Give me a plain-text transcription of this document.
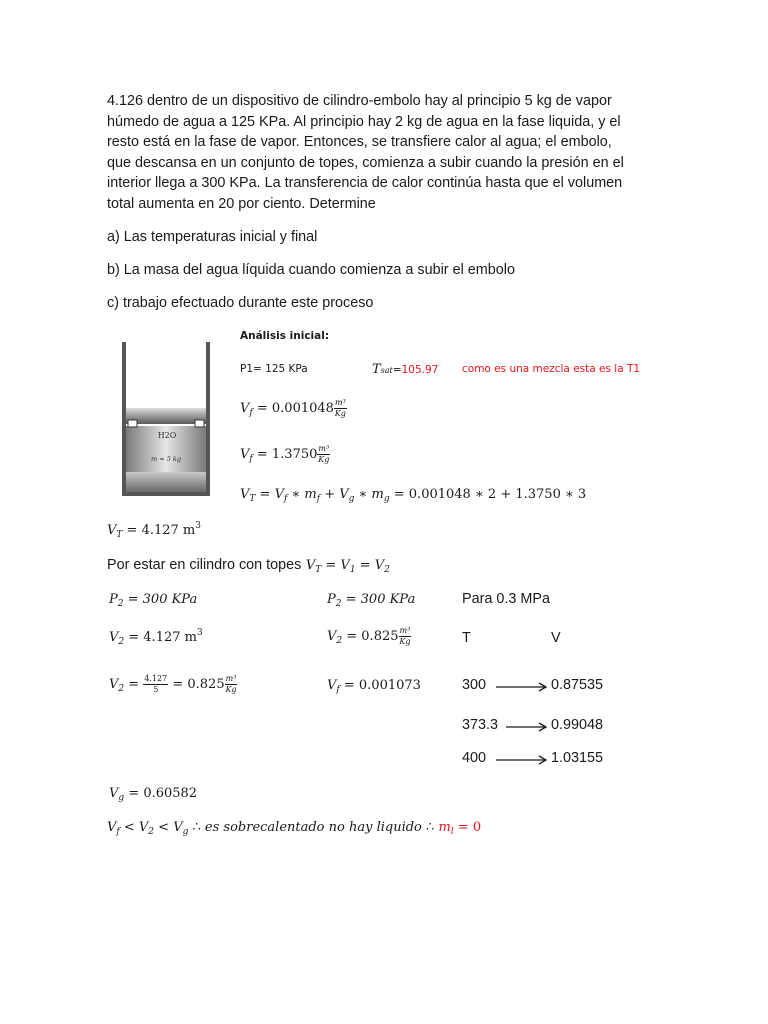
4.126 dentro de un dispositivo de cilindro-embolo hay al principio 5 kg de vapor
húmedo de agua a 125 KPa. Al principio hay 2 kg de agua en la fase liquida, y el
resto está en la fase de vapor. Entonces, se transfiere calor al agua; el embolo,
que descansa en un conjunto de topes, comienza a subir cuando la presión en el
interior llega a 300 KPa. La transferencia de calor continúa hasta que el volumen
total aumenta en 20 por ciento. Determine
a) Las temperaturas inicial y final
b) La masa del agua líquida cuando comienza a subir el embolo
c) trabajo efectuado durante este proceso
H2O
m = 5 kg
Análisis inicial:
P1= 125 KPa	Tsat=105.97 como es una mezcla esta es la T1
$V_f = 0.001048 \frac{\text{m³}}{Kg}$
$V_f = 1.3750 \frac{\text{m³}}{Kg}$
$V_T = V_f$ ∗ $m_f + V_g$ ∗ $m_g = 0.001048$ ∗ 2 + 1.3750 ∗ 3
$V_T = 4.127$ $m^3$
Por estar en cilindro con topes $V_T = V_1 = V_2$
$P_2 = 300$ KPa
$V_2 = 4.127$ $m^3$
$V_2 = \frac{4.127}{5} = 0.825 \frac{\text{m³}}{Kg}$
$P_2 = 300$ KPa
$V_2 = 0.825 \frac{\text{m³}}{Kg}$
$V_f = 0.001073$
Para 0.3 MPa
T	V
300	0.87535
373.3	0.99048
400	1.03155
$V_g = 0.60582$
$V_f < V_2 < V_g$ ∴ es sobrecalentado no hay liquido ∴ $m_l = 0$
